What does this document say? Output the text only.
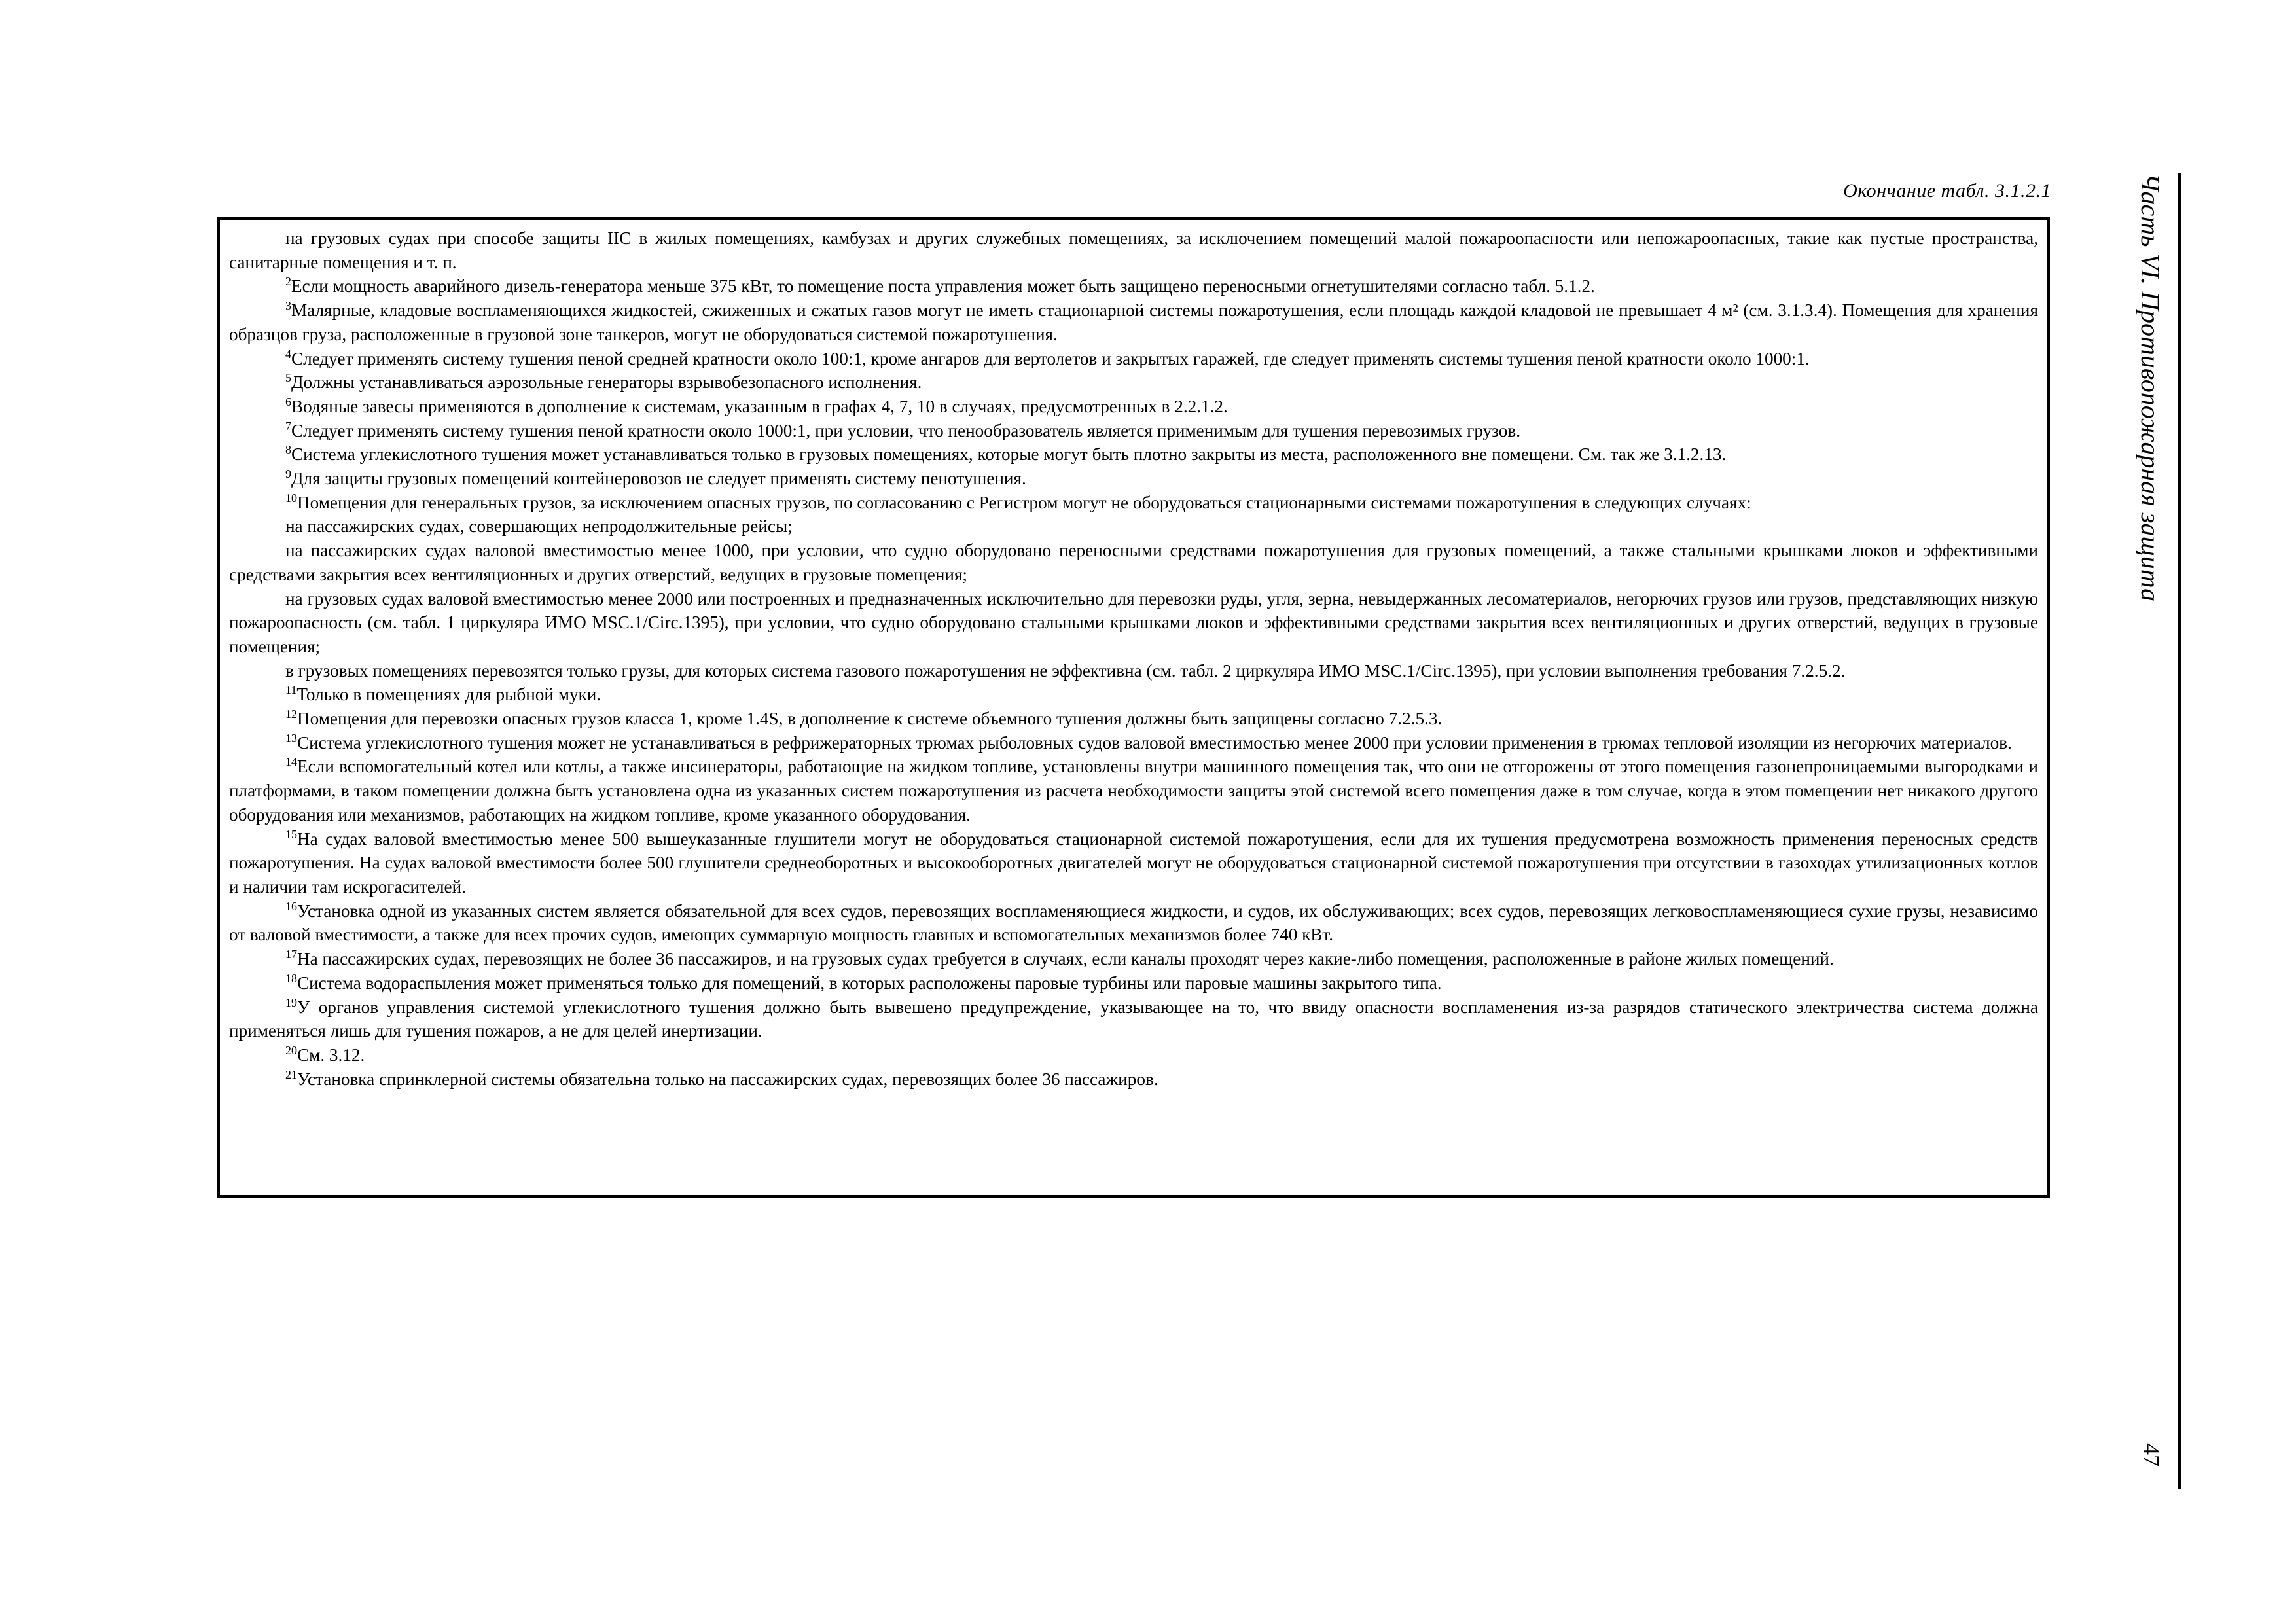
Окончание табл. 3.1.2.1

на грузовых судах при способе защиты IIC в жилых помещениях, камбузах и других служебных помещениях, за исключением помещений малой пожароопасности или непожароопасных, такие как пустые пространства, санитарные помещения и т. п.

$^2$Если мощность аварийного дизель-генератора меньше 375 кВт, то помещение поста управления может быть защищено переносными огнетушителями согласно табл. 5.1.2.

$^3$Малярные, кладовые воспламеняющихся жидкостей, сжиженных и сжатых газов могут не иметь стационарной системы пожаротушения, если площадь каждой кладовой не превышает 4 м² (см. 3.1.3.4). Помещения для хранения образцов груза, расположенные в грузовой зоне танкеров, могут не оборудоваться системой пожаротушения.

$^4$Следует применять систему тушения пеной средней кратности около 100:1, кроме ангаров для вертолетов и закрытых гаражей, где следует применять системы тушения пеной кратности около 1000:1.

$^5$Должны устанавливаться аэрозольные генераторы взрывобезопасного исполнения.

$^6$Водяные завесы применяются в дополнение к системам, указанным в графах 4, 7, 10 в случаях, предусмотренных в 2.2.1.2.

$^7$Следует применять систему тушения пеной кратности около 1000:1, при условии, что пенообразователь является применимым для тушения перевозимых грузов.

$^8$Система углекислотного тушения может устанавливаться только в грузовых помещениях, которые могут быть плотно закрыты из места, расположенного вне помещени. См. так же 3.1.2.13.

$^9$Для защиты грузовых помещений контейнеровозов не следует применять систему пенотушения.

$^{10}$Помещения для генеральных грузов, за исключением опасных грузов, по согласованию с Регистром могут не оборудоваться стационарными системами пожаротушения в следующих случаях:

на пассажирских судах, совершающих непродолжительные рейсы;

на пассажирских судах валовой вместимостью менее 1000, при условии, что судно оборудовано переносными средствами пожаротушения для грузовых помещений, а также стальными крышками люков и эффективными средствами закрытия всех вентиляционных и других отверстий, ведущих в грузовые помещения;

на грузовых судах валовой вместимостью менее 2000 или построенных и предназначенных исключительно для перевозки руды, угля, зерна, невыдержанных лесоматериалов, негорючих грузов или грузов, представляющих низкую пожароопасность (см. табл. 1 циркуляра ИМО MSC.1/Circ.1395), при условии, что судно оборудовано стальными крышками люков и эффективными средствами закрытия всех вентиляционных и других отверстий, ведущих в грузовые помещения;

в грузовых помещениях перевозятся только грузы, для которых система газового пожаротушения не эффективна (см. табл. 2 циркуляра ИМО MSC.1/Circ.1395), при условии выполнения требования 7.2.5.2.

$^{11}$Только в помещениях для рыбной муки.

$^{12}$Помещения для перевозки опасных грузов класса 1, кроме 1.4S, в дополнение к системе объемного тушения должны быть защищены согласно 7.2.5.3.

$^{13}$Система углекислотного тушения может не устанавливаться в рефрижераторных трюмах рыболовных судов валовой вместимостью менее 2000 при условии применения в трюмах тепловой изоляции из негорючих материалов.

$^{14}$Если вспомогательный котел или котлы, а также инсинераторы, работающие на жидком топливе, установлены внутри машинного помещения так, что они не отгорожены от этого помещения газонепроницаемыми выгородками и платформами, в таком помещении должна быть установлена одна из указанных систем пожаротушения из расчета необходимости защиты этой системой всего помещения даже в том случае, когда в этом помещении нет никакого другого оборудования или механизмов, работающих на жидком топливе, кроме указанного оборудования.

$^{15}$На судах валовой вместимостью менее 500 вышеуказанные глушители могут не оборудоваться стационарной системой пожаротушения, если для их тушения предусмотрена возможность применения переносных средств пожаротушения. На судах валовой вместимости более 500 глушители среднеоборотных и высокооборотных двигателей могут не оборудоваться стационарной системой пожаротушения при отсутствии в газоходах утилизационных котлов и наличии там искрогасителей.

$^{16}$Установка одной из указанных систем является обязательной для всех судов, перевозящих воспламеняющиеся жидкости, и судов, их обслуживающих; всех судов, перевозящих легковоспламеняющиеся сухие грузы, независимо от валовой вместимости, а также для всех прочих судов, имеющих суммарную мощность главных и вспомогательных механизмов более 740 кВт.

$^{17}$На пассажирских судах, перевозящих не более 36 пассажиров, и на грузовых судах требуется в случаях, если каналы проходят через какие-либо помещения, расположенные в районе жилых помещений.

$^{18}$Система водораспыления может применяться только для помещений, в которых расположены паровые турбины или паровые машины закрытого типа.

$^{19}$У органов управления системой углекислотного тушения должно быть вывешено предупреждение, указывающее на то, что ввиду опасности воспламенения из-за разрядов статического электричества система должна применяться лишь для тушения пожаров, а не для целей инертизации.

$^{20}$См. 3.12.

$^{21}$Установка спринклерной системы обязательна только на пассажирских судах, перевозящих более 36 пассажиров.

Часть VI. Противопожарная защита
47
